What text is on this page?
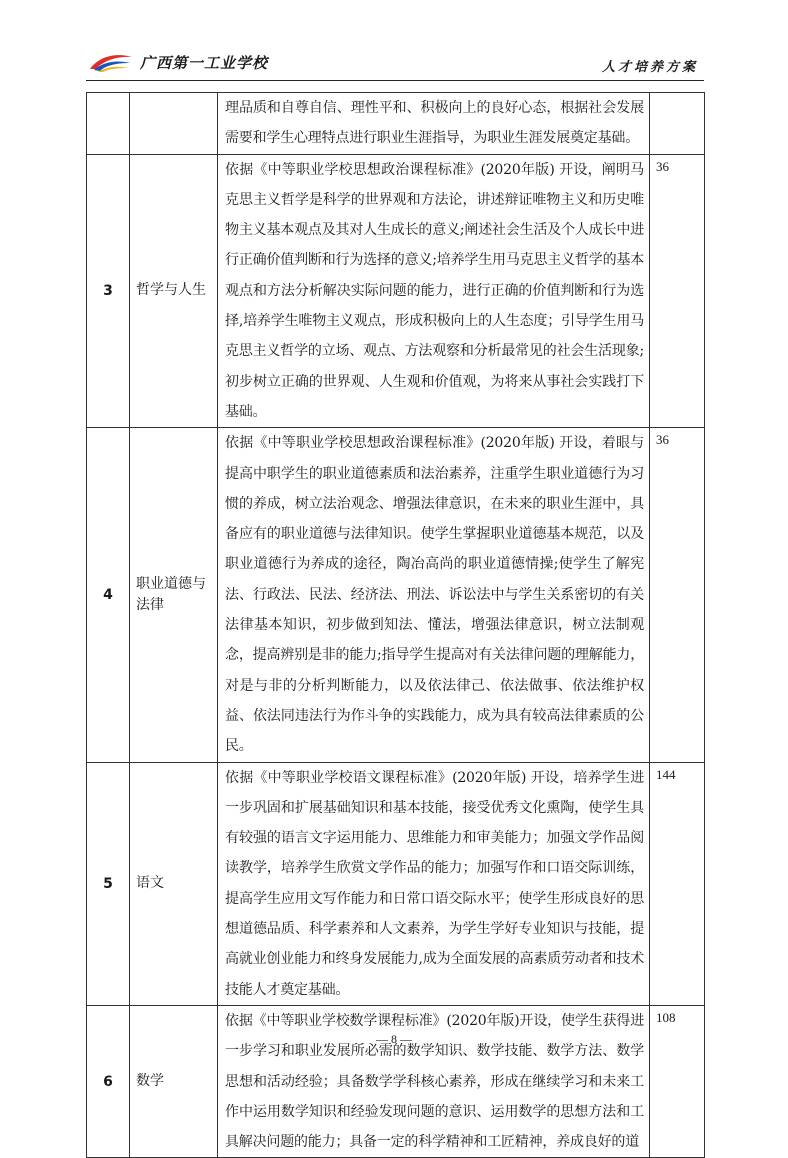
广西第一工业学校	人才培养方案
		理品质和自尊自信、理性平和、积极向上的良好心态，根据社会发展需要和学生心理特点进行职业生涯指导，为职业生涯发展奠定基础。	
3	哲学与人生	依据《中等职业学校思想政治课程标准》(2020年版) 开设，阐明马克思主义哲学是科学的世界观和方法论，讲述辩证唯物主义和历史唯物主义基本观点及其对人生成长的意义;阐述社会生活及个人成长中进行正确价值判断和行为选择的意义;培养学生用马克思主义哲学的基本观点和方法分析解决实际问题的能力，进行正确的价值判断和行为选择,培养学生唯物主义观点，形成积极向上的人生态度；引导学生用马克思主义哲学的立场、观点、方法观察和分析最常见的社会生活现象;初步树立正确的世界观、人生观和价值观，为将来从事社会实践打下基础。	36
4	职业道德与法律	依据《中等职业学校思想政治课程标准》(2020年版) 开设，着眼与提高中职学生的职业道德素质和法治素养，注重学生职业道德行为习惯的养成，树立法治观念、增强法律意识，在未来的职业生涯中，具备应有的职业道德与法律知识。使学生掌握职业道德基本规范，以及职业道德行为养成的途径，陶冶高尚的职业道德情操;使学生了解宪法、行政法、民法、经济法、刑法、诉讼法中与学生关系密切的有关法律基本知识，初步做到知法、懂法，增强法律意识，树立法制观念，提高辨别是非的能力;指导学生提高对有关法律问题的理解能力，对是与非的分析判断能力，以及依法律己、依法做事、依法维护权益、依法同违法行为作斗争的实践能力，成为具有较高法律素质的公民。	36
5	语文	依据《中等职业学校语文课程标准》(2020年版) 开设，培养学生进一步巩固和扩展基础知识和基本技能，接受优秀文化熏陶，使学生具有较强的语言文字运用能力、思维能力和审美能力；加强文学作品阅读教学，培养学生欣赏文学作品的能力；加强写作和口语交际训练，提高学生应用文写作能力和日常口语交际水平；使学生形成良好的思想道德品质、科学素养和人文素养，为学生学好专业知识与技能，提高就业创业能力和终身发展能力,成为全面发展的高素质劳动者和技术技能人才奠定基础。	144
6	数学	依据《中等职业学校数学课程标准》(2020年版)开设，使学生获得进一步学习和职业发展所必需的数学知识、数学技能、数学方法、数学思想和活动经验；具备数学学科核心素养，形成在继续学习和未来工作中运用数学知识和经验发现问题的意识、运用数学的思想方法和工具解决问题的能力；具备一定的科学精神和工匠精神，养成良好的道	108
— 8 —
